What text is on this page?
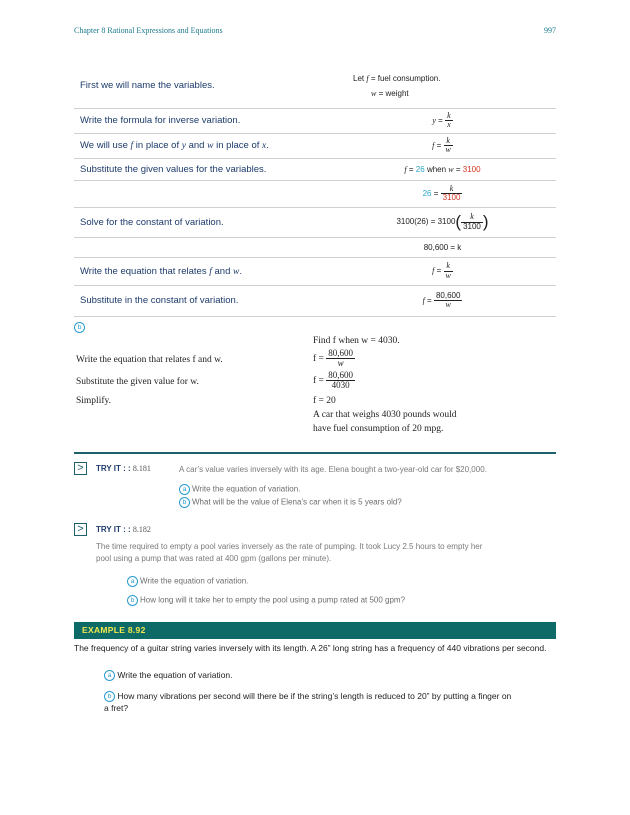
Chapter 8 Rational Expressions and Equations	997
First we will name the variables.	Let f = fuel consumption.
w = weight

Write the formula for inverse variation.	$y = \frac{k}{x}$

We will use f in place of y and w in place of x.	$f = \frac{k}{w}$

Substitute the given values for the variables.	f = 26 when w = 3100
	$26 = \frac{k}{3100}$

Solve for the constant of variation.	$3100(26) = 3100( \frac{k}{3100}$ )
	80,600 = k
Write the equation that relates f and w.	$f = \frac{k}{w}$

Substitute in the constant of variation.	$f = \frac{80,600}{w}$
b
Find f when w = 4030.
Write the equation that relates f and w.	$f = \frac{80,600}{w}$
Substitute the given value for w.	$f = \frac{80,600}{4030}$
Simplify.	f = 20
A car that weighs 4030 pounds would
have fuel consumption of 20 mpg.
>	TRY IT : : 8.181	A car’s value varies inversely with its age. Elena bought a two-year-old car for $20,000.
a Write the equation of variation.
b What will be the value of Elena’s car when it is 5 years old?
>	TRY IT : : 8.182
The time required to empty a pool varies inversely as the rate of pumping. It took Lucy 2.5 hours to empty her
pool using a pump that was rated at 400 gpm (gallons per minute).
a Write the equation of variation.
b How long will it take her to empty the pool using a pump rated at 500 gpm?
EXAMPLE 8.92
The frequency of a guitar string varies inversely with its length. A 26” long string has a frequency of 440 vibrations per second.
a Write the equation of variation.
b How many vibrations per second will there be if the string’s length is reduced to 20” by putting a finger on
a fret?
